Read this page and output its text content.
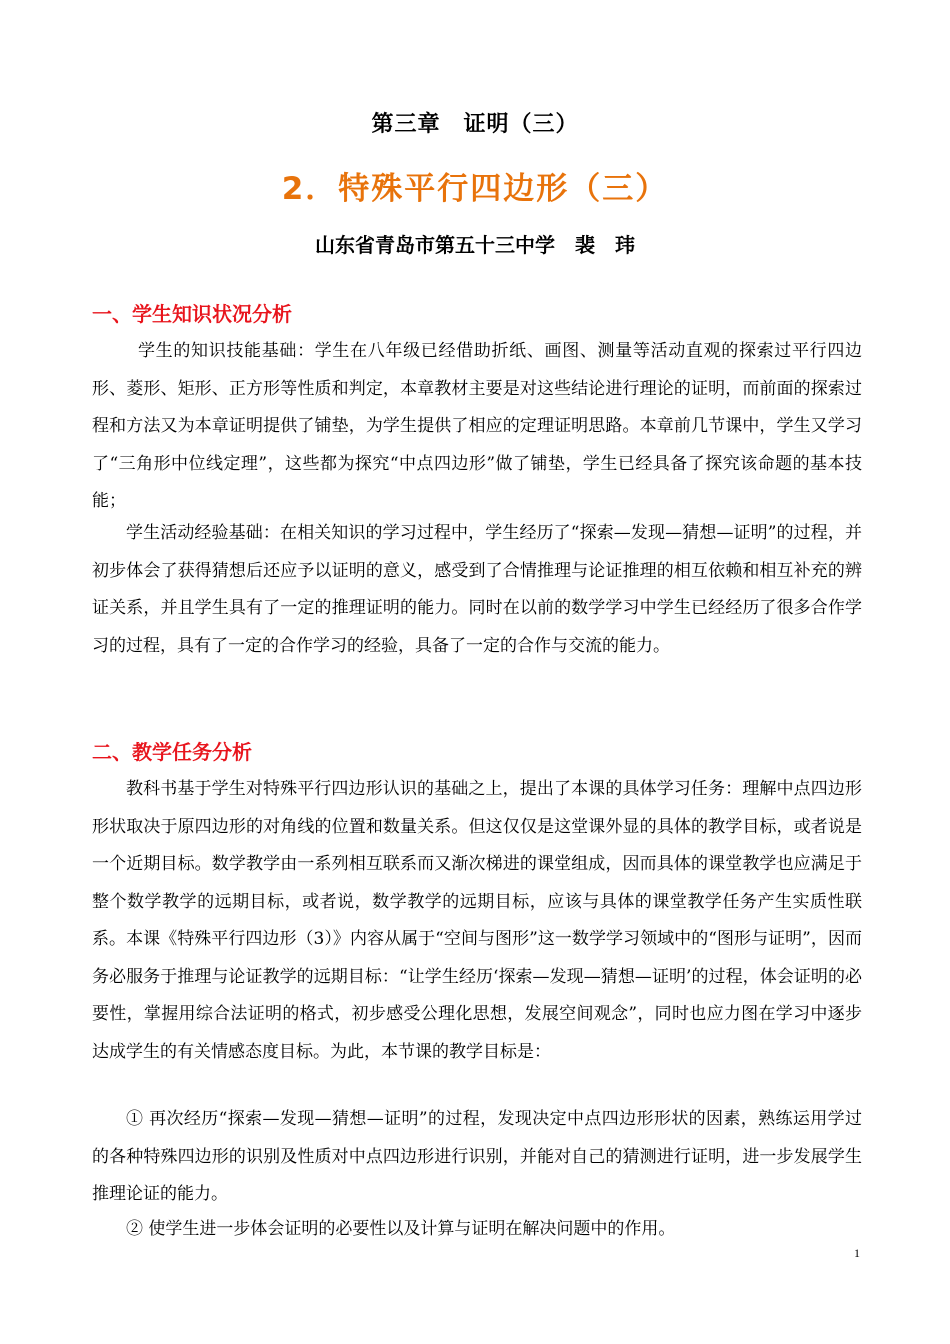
第三章　证明（三）
2．特殊平行四边形（三）
山东省青岛市第五十三中学　裴　玮
一、学生知识状况分析
学生的知识技能基础：学生在八年级已经借助折纸、画图、测量等活动直观的探索过平行四边形、菱形、矩形、正方形等性质和判定，本章教材主要是对这些结论进行理论的证明，而前面的探索过程和方法又为本章证明提供了铺垫，为学生提供了相应的定理证明思路。本章前几节课中，学生又学习了“三角形中位线定理”，这些都为探究“中点四边形”做了铺垫，学生已经具备了探究该命题的基本技能；
学生活动经验基础：在相关知识的学习过程中，学生经历了“探索—发现—猜想—证明”的过程，并初步体会了获得猜想后还应予以证明的意义，感受到了合情推理与论证推理的相互依赖和相互补充的辨证关系，并且学生具有了一定的推理证明的能力。同时在以前的数学学习中学生已经经历了很多合作学习的过程，具有了一定的合作学习的经验，具备了一定的合作与交流的能力。
二、教学任务分析
教科书基于学生对特殊平行四边形认识的基础之上，提出了本课的具体学习任务：理解中点四边形形状取决于原四边形的对角线的位置和数量关系。但这仅仅是这堂课外显的具体的教学目标，或者说是一个近期目标。数学教学由一系列相互联系而又渐次梯进的课堂组成，因而具体的课堂教学也应满足于整个数学教学的远期目标，或者说，数学教学的远期目标，应该与具体的课堂教学任务产生实质性联系。本课《特殊平行四边形（3）》内容从属于“空间与图形”这一数学学习领域中的“图形与证明”，因而务必服务于推理与论证教学的远期目标：“让学生经历‘探索—发现—猜想—证明’的过程，体会证明的必要性，掌握用综合法证明的格式，初步感受公理化思想，发展空间观念”，同时也应力图在学习中逐步达成学生的有关情感态度目标。为此，本节课的教学目标是：
① 再次经历“探索—发现—猜想—证明”的过程，发现决定中点四边形形状的因素，熟练运用学过的各种特殊四边形的识别及性质对中点四边形进行识别，并能对自己的猜测进行证明，进一步发展学生推理论证的能力。
② 使学生进一步体会证明的必要性以及计算与证明在解决问题中的作用。
1
